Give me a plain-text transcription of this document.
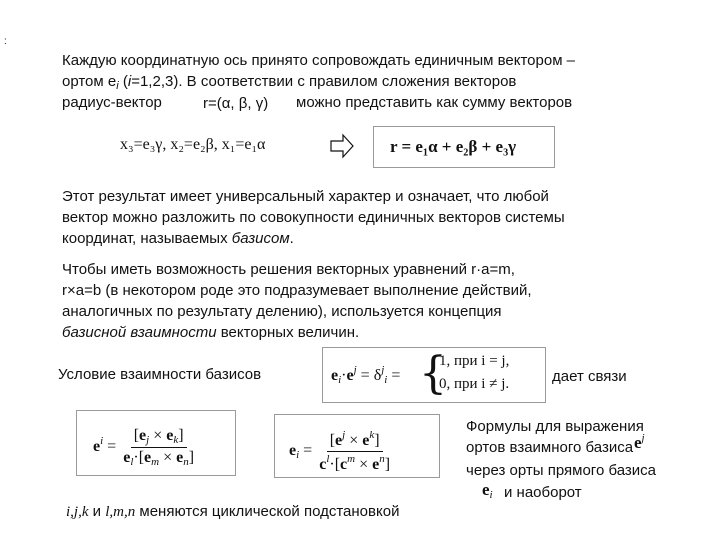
:
Каждую координатную ось принято сопровождать единичным вектором –
ортом $e_i$ (i=1,2,3). В соответствии с правилом сложения векторов
радиус-вектор	r=(α, β, γ) можно представить как сумму векторов
x₃=e₃γ, x₂=e₂β, x₁=e₁α	r = e₁α + e₂β + e₃γ
Этот результат имеет универсальный характер и означает, что любой
вектор можно разложить по совокупности единичных векторов системы
координат, называемых базисом.
Чтобы иметь возможность решения векторных уравнений r·a=m,
r×a=b (в некотором роде это подразумевает выполнение действий,
аналогичных по результату делению), используется концепция
базисной взаимности векторных величин.
Условие взаимности базисов	$e_i\cdot e^j = \delta^j_i$ = {
1, при i = j,
0, при i ≠ j.	дает связи
$e^i = \frac{[e_j \times e_k]}{e_l\cdot[e_m \times e_n]}$	$e_i = \frac{[e^j \times e^k]}{c^l\cdot[c^m \times e^n]}$
Формулы для выражения
ортов взаимного базиса $e^j$
через орты прямого базиса
$e_i$ и наоборот
i,j,k и l,m,n меняются циклической подстановкой
